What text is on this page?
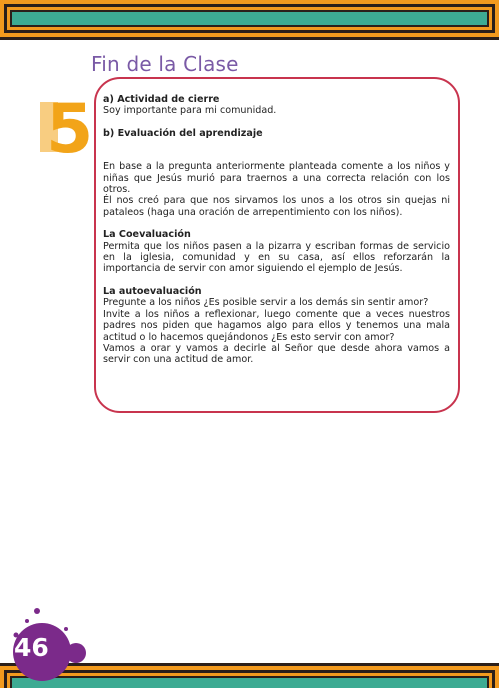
Fin de la Clase
5 a) Actividad de cierre

Soy importante para mi comunidad.

b) Evaluación del aprendizaje

En base a la pregunta anteriormente planteada comente a los niños y niñas que Jesús murió para traernos a una correcta relación con los otros.

Él nos creó para que nos sirvamos los unos a los otros sin quejas ni pataleos (haga una oración de arrepentimiento con los niños).

La Coevaluación

Permita que los niños pasen a la pizarra y escriban formas de servicio en la iglesia, comunidad y en su casa, así ellos reforzarán la importancia de servir con amor siguiendo el ejemplo de Jesús.

La autoevaluación

Pregunte a los niños ¿Es posible servir a los demás sin sentir amor?

Invite a los niños a reflexionar, luego comente que a veces nuestros padres nos piden que hagamos algo para ellos y tenemos una mala actitud o lo hacemos quejándonos ¿Es esto servir con amor?

Vamos a orar y vamos a decirle al Señor que desde ahora vamos a servir con una actitud de amor.

46
